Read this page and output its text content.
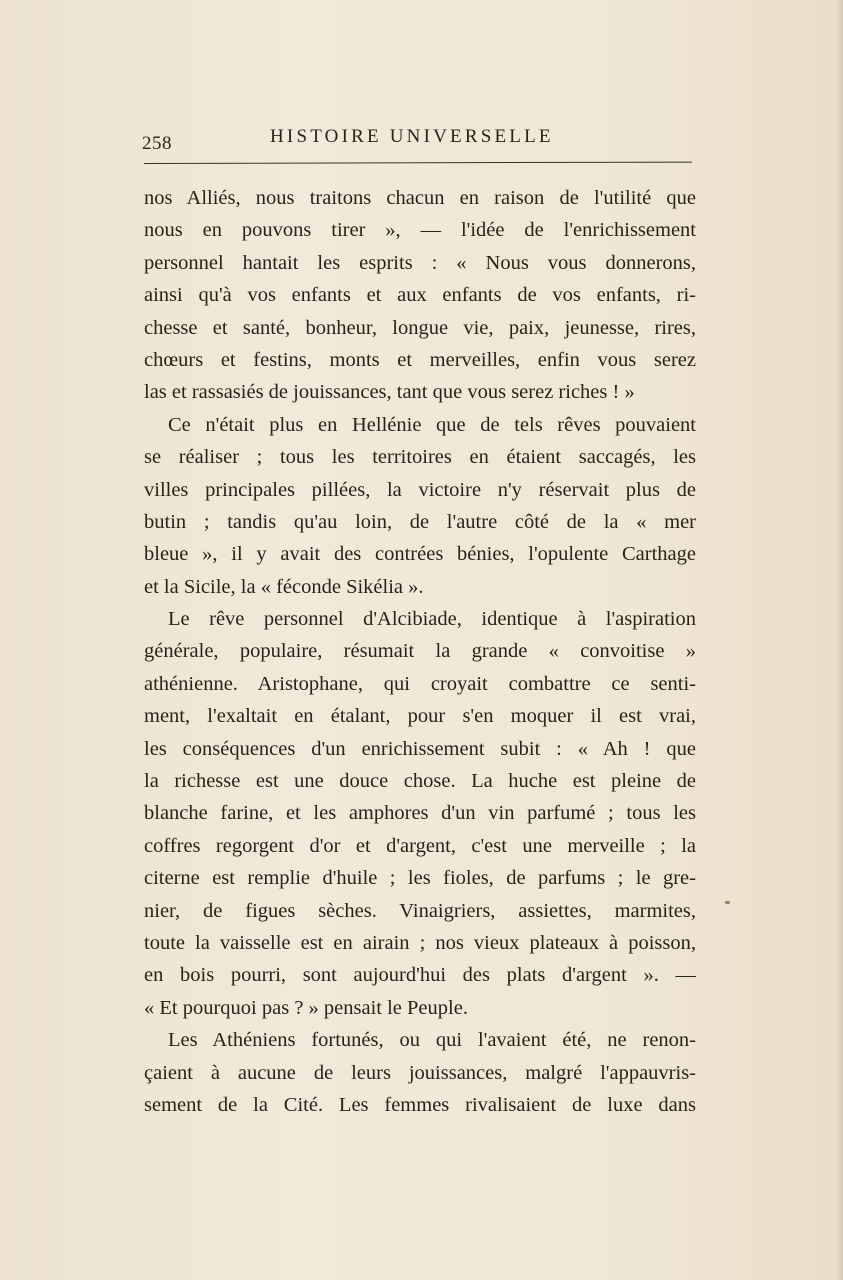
258	HISTOIRE UNIVERSELLE
nos Alliés, nous traitons chacun en raison de l'utilité que
nous en pouvons tirer », — l'idée de l'enrichissement
personnel hantait les esprits : « Nous vous donnerons,
ainsi qu'à vos enfants et aux enfants de vos enfants, ri-
chesse et santé, bonheur, longue vie, paix, jeunesse, rires,
chœurs et festins, monts et merveilles, enfin vous serez
las et rassasiés de jouissances, tant que vous serez riches ! »
Ce n'était plus en Hellénie que de tels rêves pouvaient
se réaliser ; tous les territoires en étaient saccagés, les
villes principales pillées, la victoire n'y réservait plus de
butin ; tandis qu'au loin, de l'autre côté de la « mer
bleue », il y avait des contrées bénies, l'opulente Carthage
et la Sicile, la « féconde Sikélia ».
Le rêve personnel d'Alcibiade, identique à l'aspiration
générale, populaire, résumait la grande « convoitise »
athénienne. Aristophane, qui croyait combattre ce senti-
ment, l'exaltait en étalant, pour s'en moquer il est vrai,
les conséquences d'un enrichissement subit : « Ah ! que
la richesse est une douce chose. La huche est pleine de
blanche farine, et les amphores d'un vin parfumé ; tous les
coffres regorgent d'or et d'argent, c'est une merveille ; la
citerne est remplie d'huile ; les fioles, de parfums ; le gre-
nier, de figues sèches. Vinaigriers, assiettes, marmites,
toute la vaisselle est en airain ; nos vieux plateaux à poisson,
en bois pourri, sont aujourd'hui des plats d'argent ». —
« Et pourquoi pas ? » pensait le Peuple.
Les Athéniens fortunés, ou qui l'avaient été, ne renon-
çaient à aucune de leurs jouissances, malgré l'appauvris-
sement de la Cité. Les femmes rivalisaient de luxe dans
